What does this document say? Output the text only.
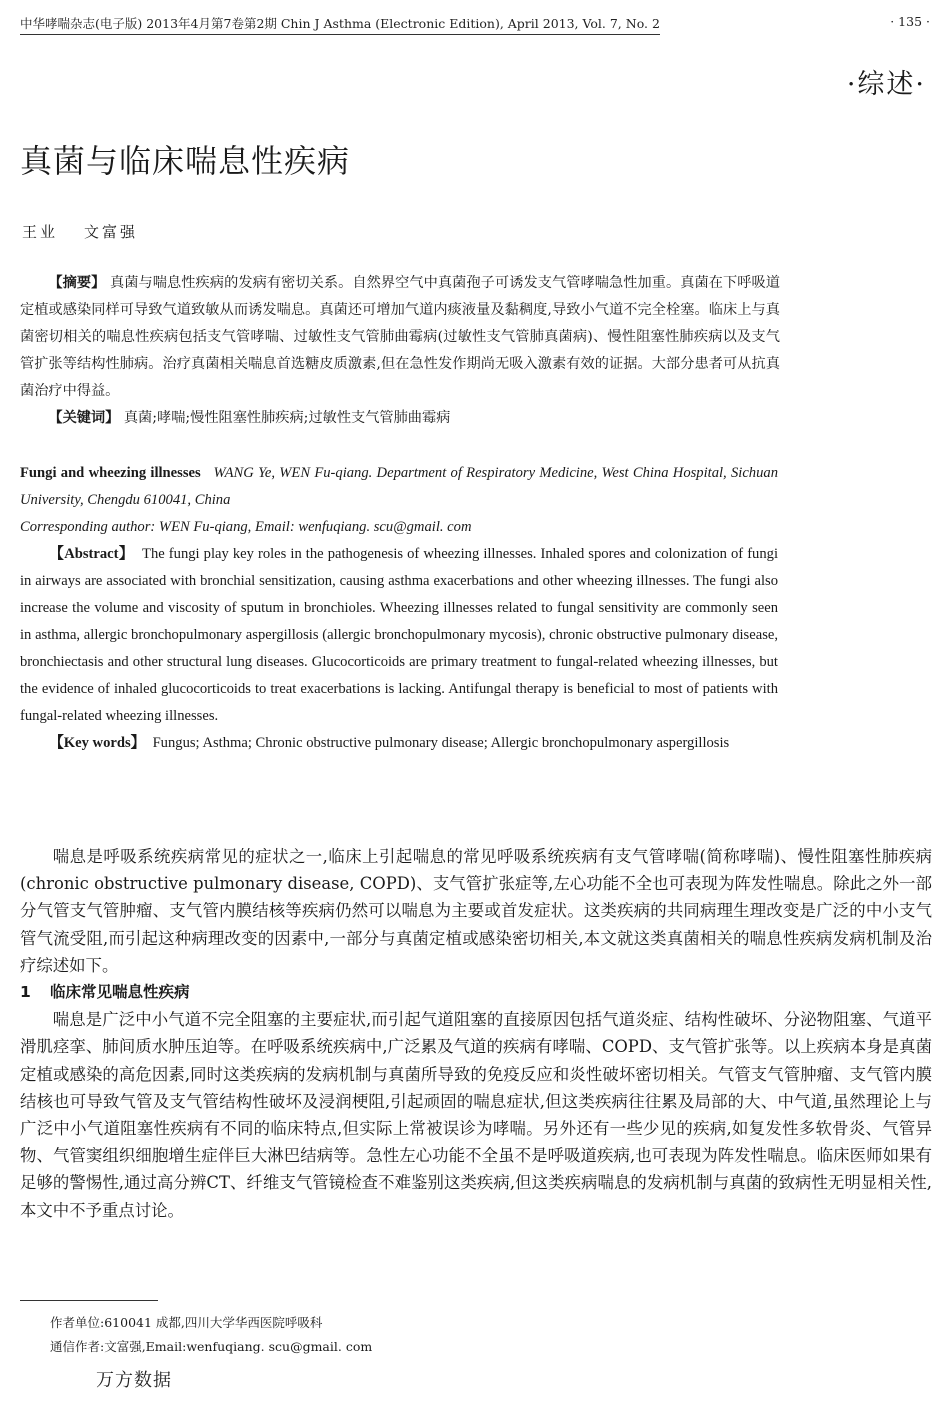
中华哮喘杂志(电子版) 2013年4月第7卷第2期 Chin J Asthma (Electronic Edition), April 2013, Vol. 7, No. 2	· 135 ·
·综述·
真菌与临床喘息性疾病
王业 文富强

【摘要】 真菌与喘息性疾病的发病有密切关系。自然界空气中真菌孢子可诱发支气管哮喘急性加重。真菌在下呼吸道定植或感染同样可导致气道致敏从而诱发喘息。真菌还可增加气道内痰液量及黏稠度,导致小气道不完全栓塞。临床上与真菌密切相关的喘息性疾病包括支气管哮喘、过敏性支气管肺曲霉病(过敏性支气管肺真菌病)、慢性阻塞性肺疾病以及支气管扩张等结构性肺病。治疗真菌相关喘息首选糖皮质激素,但在急性发作期尚无吸入激素有效的证据。大部分患者可从抗真菌治疗中得益。

【关键词】 真菌;哮喘;慢性阻塞性肺疾病;过敏性支气管肺曲霉病

Fungi and wheezing illnesses WANG Ye, WEN Fu-qiang. Department of Respiratory Medicine, West China Hospital, Sichuan University, Chengdu 610041, China

Corresponding author: WEN Fu-qiang, Email: wenfuqiang. scu@gmail. com

【Abstract】 The fungi play key roles in the pathogenesis of wheezing illnesses. Inhaled spores and colonization of fungi in airways are associated with bronchial sensitization, causing asthma exacerbations and other wheezing illnesses. The fungi also increase the volume and viscosity of sputum in bronchioles. Wheezing illnesses related to fungal sensitivity are commonly seen in asthma, allergic bronchopulmonary aspergillosis (allergic bronchopulmonary mycosis), chronic obstructive pulmonary disease, bronchiectasis and other structural lung diseases. Glucocorticoids are primary treatment to fungal-related wheezing illnesses, but the evidence of inhaled glucocorticoids to treat exacerbations is lacking. Antifungal therapy is beneficial to most of patients with fungal-related wheezing illnesses.

【Key words】 Fungus; Asthma; Chronic obstructive pulmonary disease; Allergic bronchopulmonary aspergillosis

喘息是呼吸系统疾病常见的症状之一,临床上引起喘息的常见呼吸系统疾病有支气管哮喘(简称哮喘)、慢性阻塞性肺疾病(chronic obstructive pulmonary disease, COPD)、支气管扩张症等,左心功能不全也可表现为阵发性喘息。除此之外一部分气管支气管肿瘤、支气管内膜结核等疾病仍然可以喘息为主要或首发症状。这类疾病的共同病理生理改变是广泛的中小支气管气流受阻,而引起这种病理改变的因素中,一部分与真菌定植或感染密切相关,本文就这类真菌相关的喘息性疾病发病机制及治疗综述如下。

1 临床常见喘息性疾病

喘息是广泛中小气道不完全阻塞的主要症状,而引起气道阻塞的直接原因包括气道炎症、结构性破坏、分泌物阻塞、气道平滑肌痉挛、肺间质水肿压迫等。在呼吸系统疾病中,广泛累及气道的疾病有哮喘、COPD、支气管扩张等。以上疾病本身是真菌定植或感染的高危因素,同时这类疾病的发病机制与真菌所导致的免疫反应和炎性破坏密切相关。气管支气管肿瘤、支气管内膜结核也可导致气管及支气管结构性破坏及浸润梗阻,引起顽固的喘息症状,但这类疾病往往累及局部的大、中气道,虽然理论上与广泛中小气道阻塞性疾病有不同的临床特点,但实际上常被误诊为哮喘。另外还有一些少见的疾病,如复发性多软骨炎、气管异物、气管窦组织细胞增生症伴巨大淋巴结病等。急性左心功能不全虽不是呼吸道疾病,也可表现为阵发性喘息。临床医师如果有足够的警惕性,通过高分辨CT、纤维支气管镜检查不难鉴别这类疾病,但这类疾病喘息的发病机制与真菌的致病性无明显相关性,本文中不予重点讨论。

作者单位:610041 成都,四川大学华西医院呼吸科
通信作者:文富强,Email:wenfuqiang. scu@gmail. com
万方数据
